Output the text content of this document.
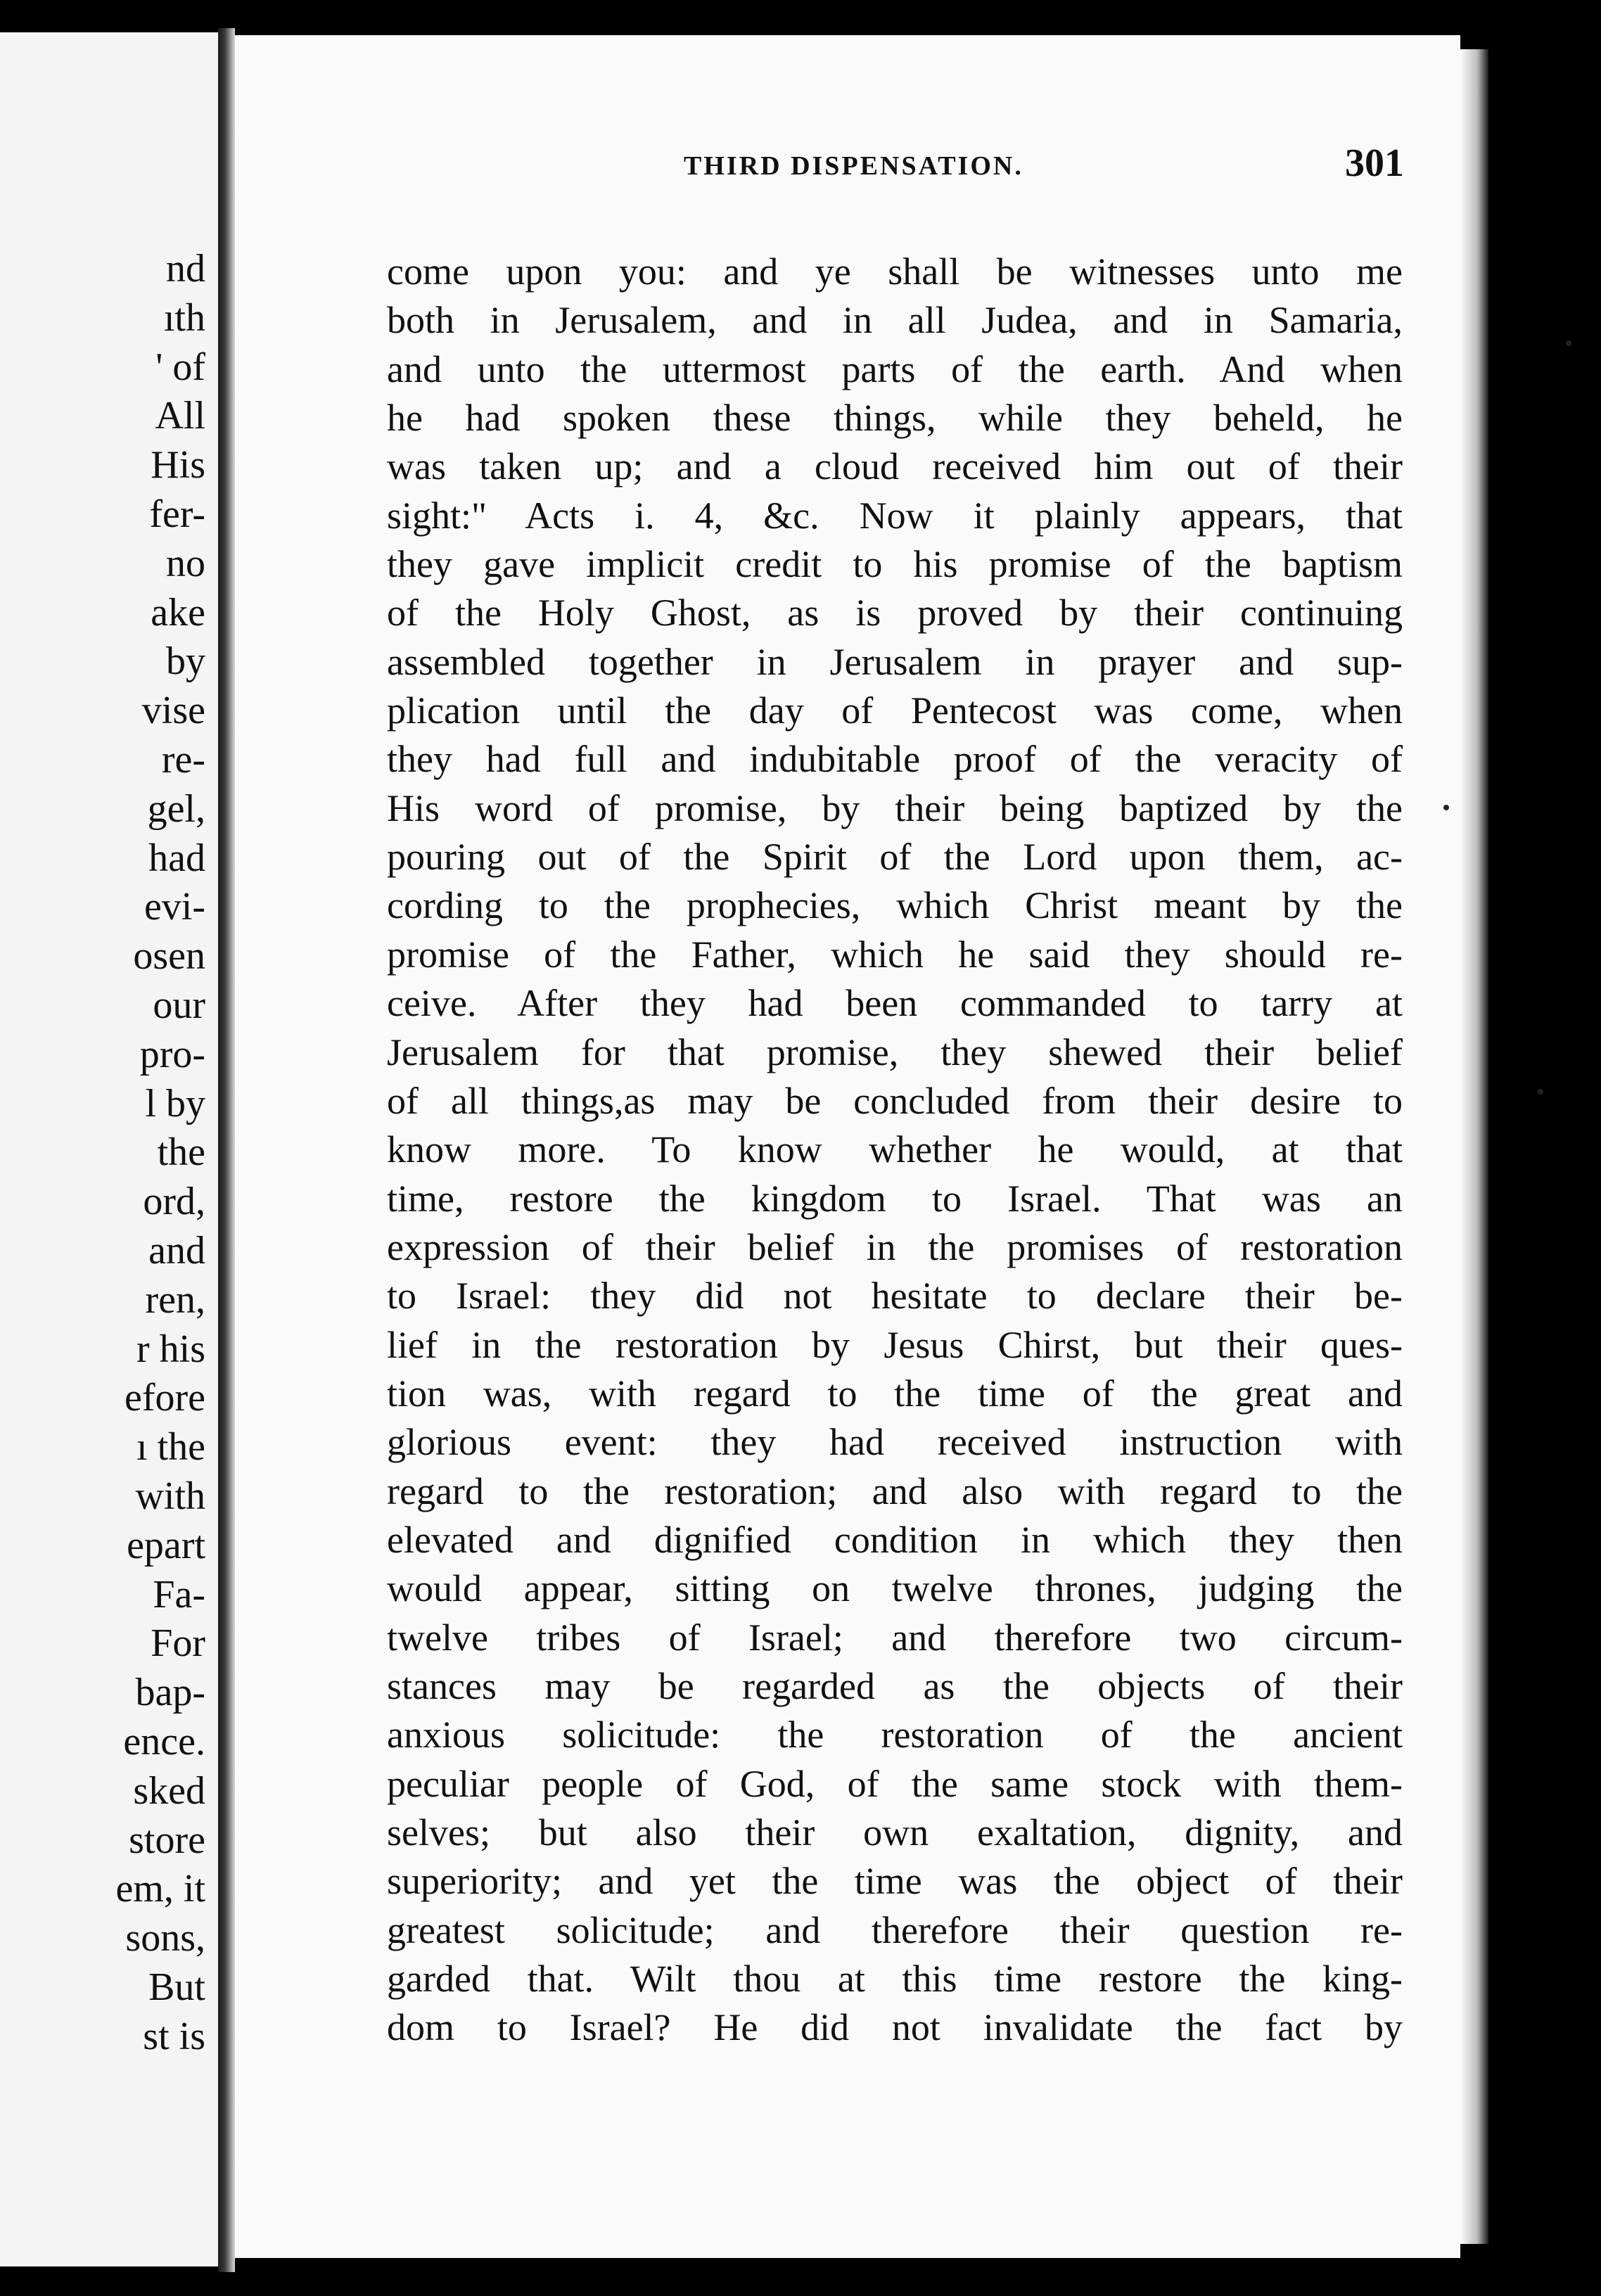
nd
ıth
' of
All
His
fer-
no
ake
by
vise
re-
gel,
had
evi-
osen
our
pro-
l by
the
ord,
and
ren,
r his
efore
ı the
with
epart
Fa-
For
bap-
ence.
sked
store
em, it
sons,
But
st is
THIRD DISPENSATION.	301
come upon you: and ye shall be witnesses unto me
both in Jerusalem, and in all Judea, and in Samaria,
and unto the uttermost parts of the earth. And when
he had spoken these things, while they beheld, he
was taken up; and a cloud received him out of their
sight:" Acts i. 4, &c. Now it plainly appears, that
they gave implicit credit to his promise of the baptism
of the Holy Ghost, as is proved by their continuing
assembled together in Jerusalem in prayer and sup-
plication until the day of Pentecost was come, when
they had full and indubitable proof of the veracity of
His word of promise, by their being baptized by the
pouring out of the Spirit of the Lord upon them, ac-
cording to the prophecies, which Christ meant by the
promise of the Father, which he said they should re-
ceive. After they had been commanded to tarry at
Jerusalem for that promise, they shewed their belief
of all things,as may be concluded from their desire to
know more. To know whether he would, at that
time, restore the kingdom to Israel. That was an
expression of their belief in the promises of restoration
to Israel: they did not hesitate to declare their be-
lief in the restoration by Jesus Chirst, but their ques-
tion was, with regard to the time of the great and
glorious event: they had received instruction with
regard to the restoration; and also with regard to the
elevated and dignified condition in which they then
would appear, sitting on twelve thrones, judging the
twelve tribes of Israel; and therefore two circum-
stances may be regarded as the objects of their
anxious solicitude: the restoration of the ancient
peculiar people of God, of the same stock with them-
selves; but also their own exaltation, dignity, and
superiority; and yet the time was the object of their
greatest solicitude; and therefore their question re-
garded that. Wilt thou at this time restore the king-
dom to Israel? He did not invalidate the fact by
